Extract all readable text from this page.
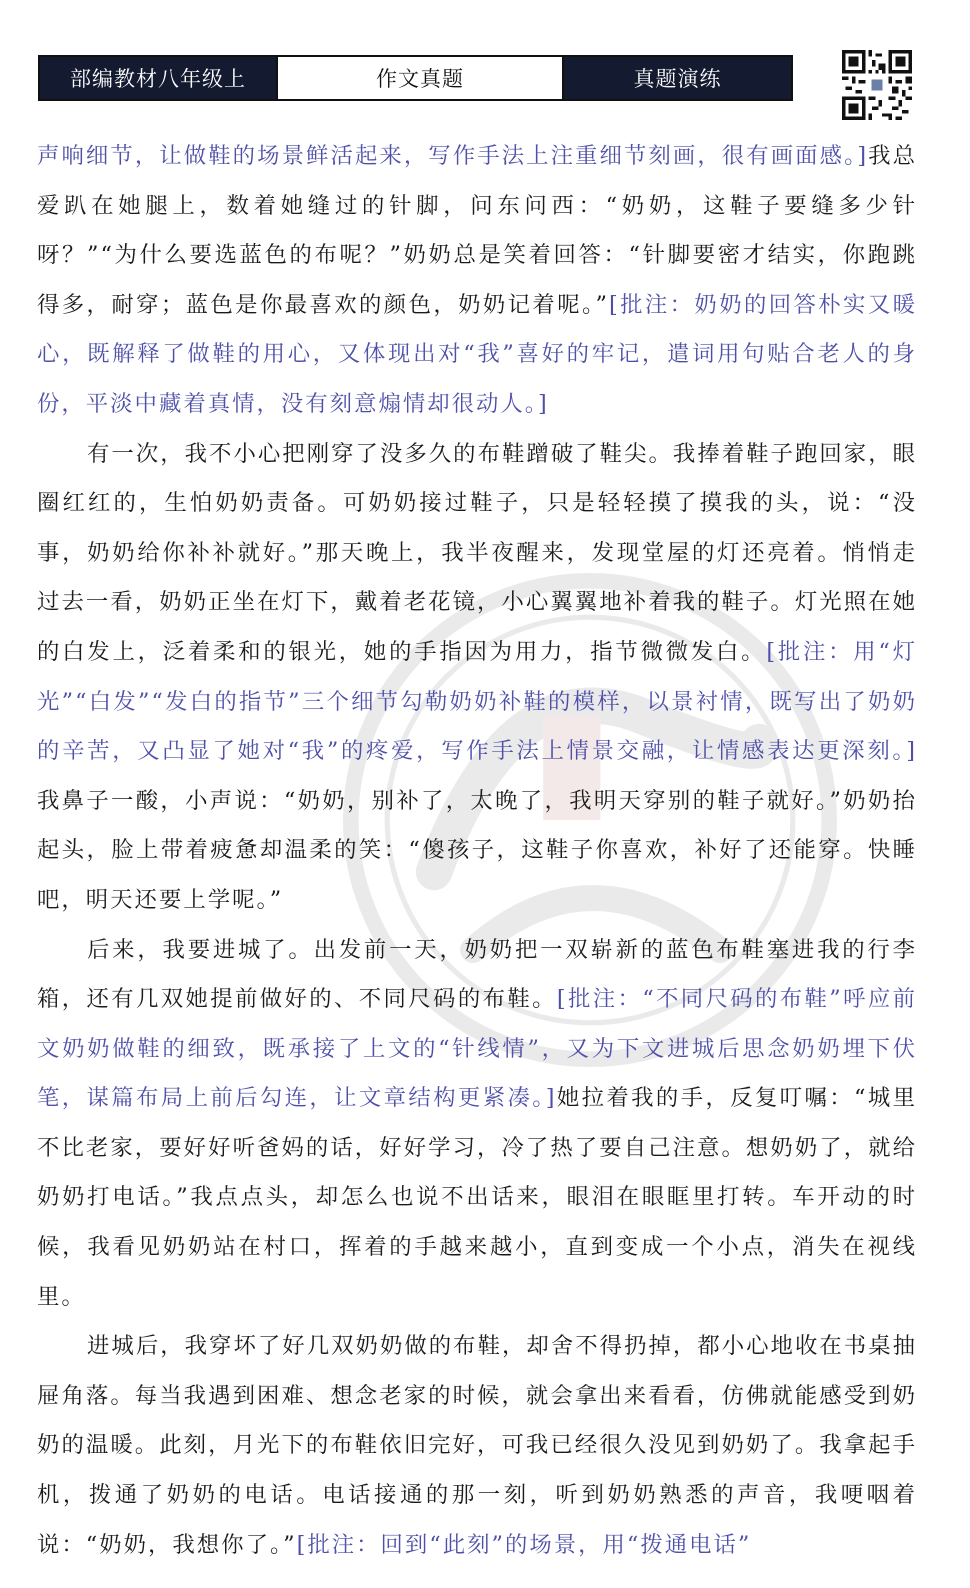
部编教材八年级上	作文真题	真题演练

声响细节，让做鞋的场景鲜活起来，写作手法上注重细节刻画，很有画面感。]我总爱趴在她腿上，数着她缝过的针脚，问东问西：“奶奶，这鞋子要缝多少针呀？”“为什么要选蓝色的布呢？”奶奶总是笑着回答：“针脚要密才结实，你跑跳得多，耐穿；蓝色是你最喜欢的颜色，奶奶记着呢。”[批注：奶奶的回答朴实又暖心，既解释了做鞋的用心，又体现出对“我”喜好的牢记，遣词用句贴合老人的身份，平淡中藏着真情，没有刻意煽情却很动人。]

有一次，我不小心把刚穿了没多久的布鞋蹭破了鞋尖。我捧着鞋子跑回家，眼圈红红的，生怕奶奶责备。可奶奶接过鞋子，只是轻轻摸了摸我的头，说：“没事，奶奶给你补补就好。”那天晚上，我半夜醒来，发现堂屋的灯还亮着。悄悄走过去一看，奶奶正坐在灯下，戴着老花镜，小心翼翼地补着我的鞋子。灯光照在她的白发上，泛着柔和的银光，她的手指因为用力，指节微微发白。[批注：用“灯光”“白发”“发白的指节”三个细节勾勒奶奶补鞋的模样，以景衬情，既写出了奶奶的辛苦，又凸显了她对“我”的疼爱，写作手法上情景交融，让情感表达更深刻。]我鼻子一酸，小声说：“奶奶，别补了，太晚了，我明天穿别的鞋子就好。”奶奶抬起头，脸上带着疲惫却温柔的笑：“傻孩子，这鞋子你喜欢，补好了还能穿。快睡吧，明天还要上学呢。”

后来，我要进城了。出发前一天，奶奶把一双崭新的蓝色布鞋塞进我的行李箱，还有几双她提前做好的、不同尺码的布鞋。[批注：“不同尺码的布鞋”呼应前文奶奶做鞋的细致，既承接了上文的“针线情”，又为下文进城后思念奶奶埋下伏笔，谋篇布局上前后勾连，让文章结构更紧凑。]她拉着我的手，反复叮嘱：“城里不比老家，要好好听爸妈的话，好好学习，冷了热了要自己注意。想奶奶了，就给奶奶打电话。”我点点头，却怎么也说不出话来，眼泪在眼眶里打转。车开动的时候，我看见奶奶站在村口，挥着的手越来越小，直到变成一个小点，消失在视线里。

进城后，我穿坏了好几双奶奶做的布鞋，却舍不得扔掉，都小心地收在书桌抽屉角落。每当我遇到困难、想念老家的时候，就会拿出来看看，仿佛就能感受到奶奶的温暖。此刻，月光下的布鞋依旧完好，可我已经很久没见到奶奶了。我拿起手机，拨通了奶奶的电话。电话接通的那一刻，听到奶奶熟悉的声音，我哽咽着说：“奶奶，我想你了。”[批注：回到“此刻”的场景，用“拨通电话”
